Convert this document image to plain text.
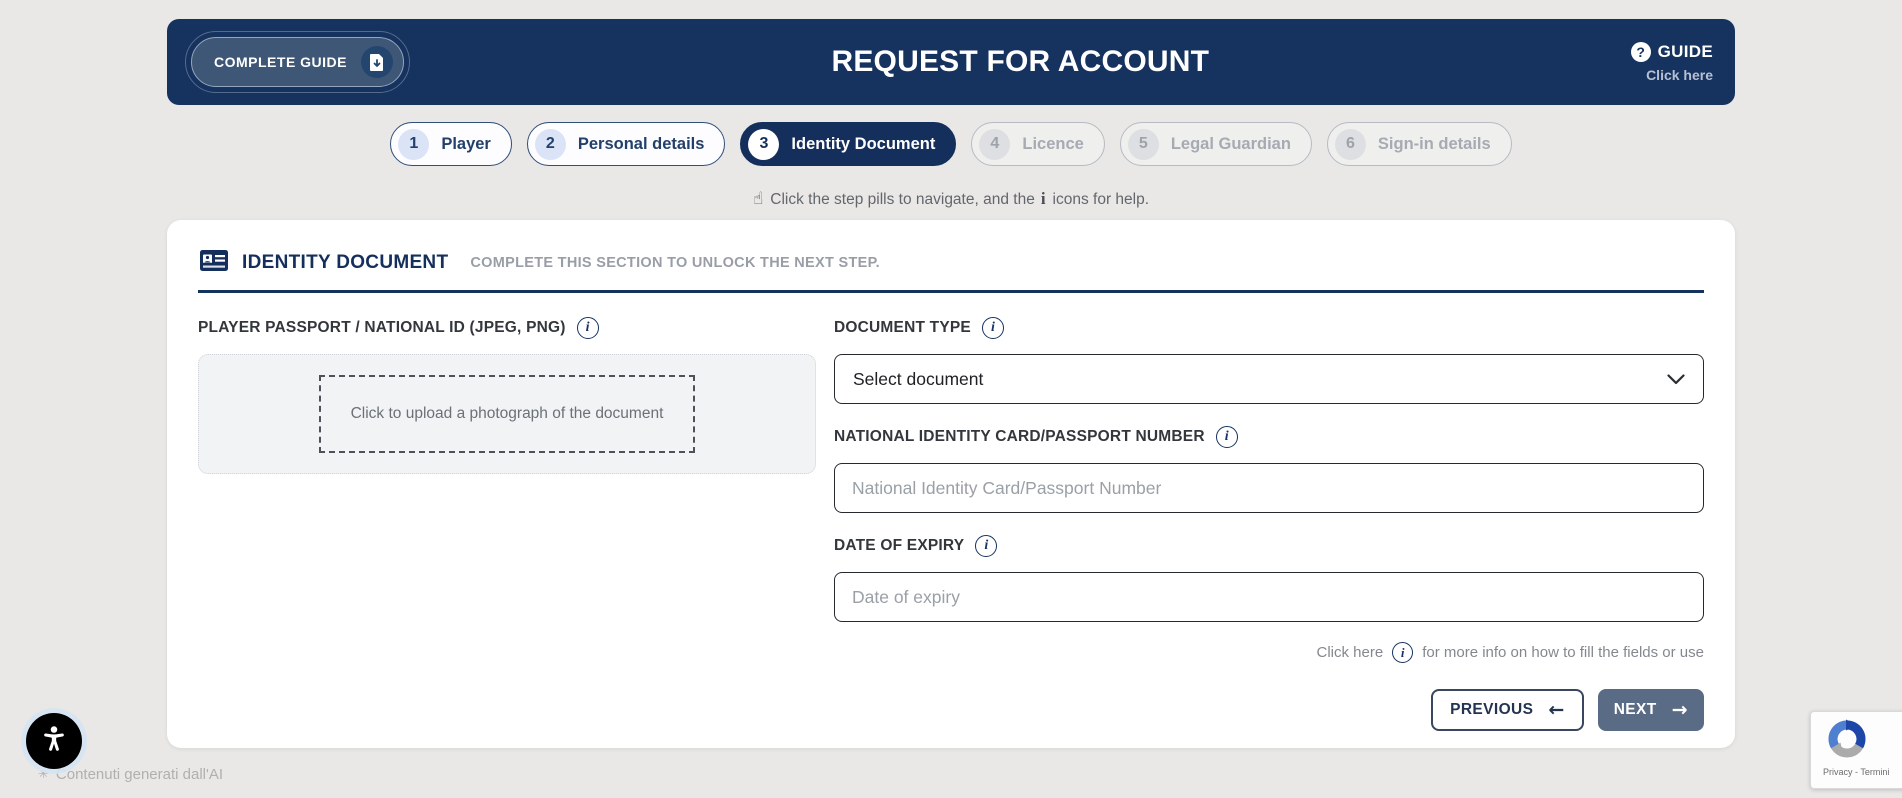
COMPLETE GUIDE	REQUEST FOR ACCOUNT	? GUIDE
Click here
1	Player	2	Personal details	3	Identity Document	4	Licence	5	Legal Guardian	6	Sign-in details
☝ Click the step pills to navigate, and the i icons for help.
IDENTITY DOCUMENT COMPLETE THIS SECTION TO UNLOCK THE NEXT STEP.
PLAYER PASSPORT / NATIONAL ID (JPEG, PNG)	i
Click to upload a photograph of the document
DOCUMENT TYPE	i
Select document
NATIONAL IDENTITY CARD/PASSPORT NUMBER	i
National Identity Card/Passport Number
DATE OF EXPIRY	i
Date of expiry
Click here	i	for more info on how to fill the fields or use
PREVIOUS ←	NEXT →
✳ Contenuti generati dall'AI	Privacy - Termini
